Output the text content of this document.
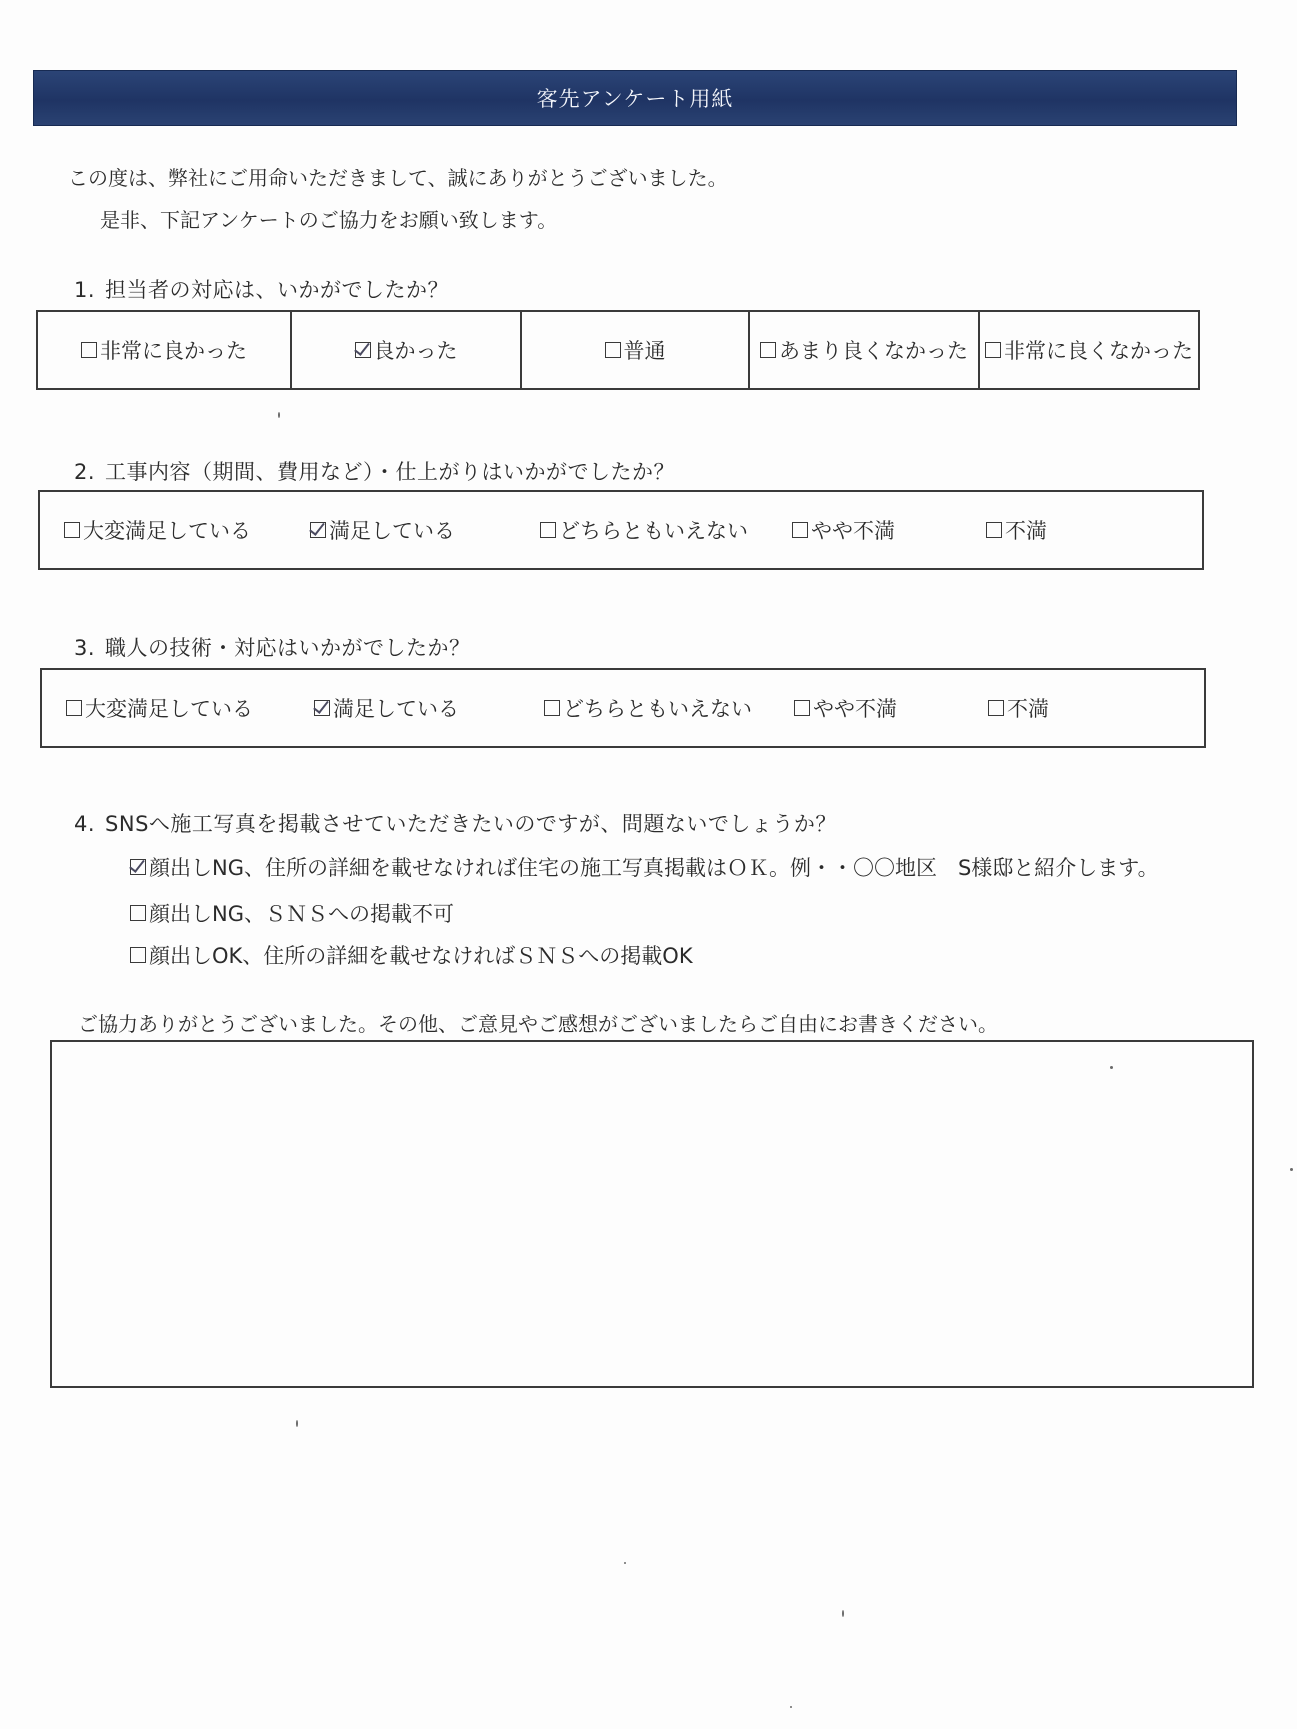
客先アンケート用紙
この度は、弊社にご用命いただきまして、誠にありがとうございました。
是非、下記アンケートのご協力をお願い致します。
1. 担当者の対応は、いかがでしたか？
非常に良かった	良かった	普通	あまり良くなかった 非常に良くなかった
2. 工事内容（期間、費用など）・仕上がりはいかがでしたか？
大変満足している	満足している	どちらともいえない	やや不満	不満
3. 職人の技術・対応はいかがでしたか？
大変満足している	満足している	どちらともいえない	やや不満	不満
4. SNSへ施工写真を掲載させていただきたいのですが、問題ないでしょうか？
顔出しNG、住所の詳細を載せなければ住宅の施工写真掲載はＯＫ。例・・〇〇地区　S様邸と紹介します。
顔出しNG、ＳＮＳへの掲載不可
顔出しOK、住所の詳細を載せなければＳＮＳへの掲載OK
ご協力ありがとうございました。その他、ご意見やご感想がございましたらご自由にお書きください。
